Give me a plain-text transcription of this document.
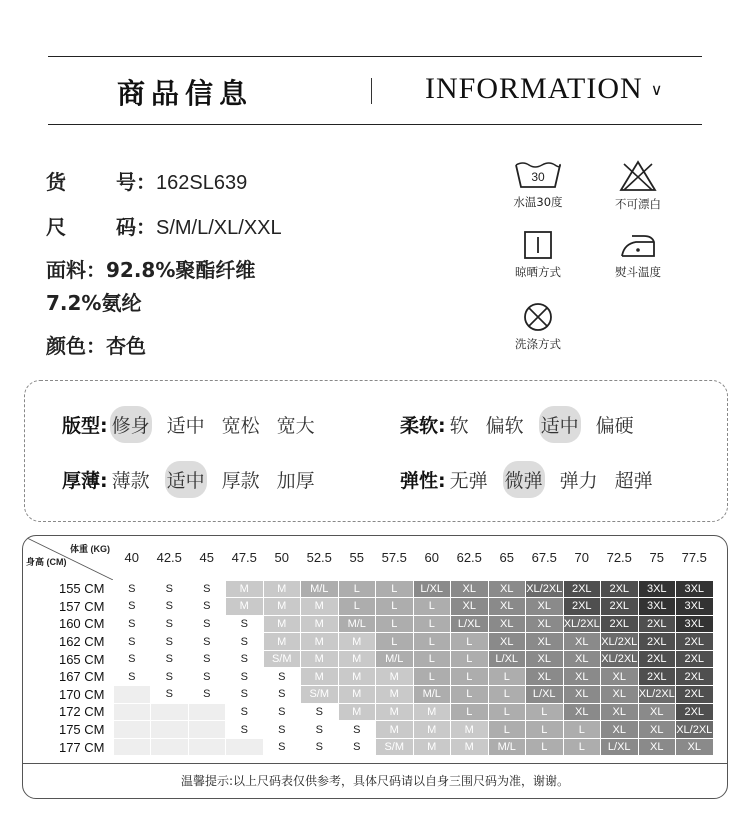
商品信息	INFORMATION ∨
货	号：162SL639
尺	码：S/M/L/XL/XXL
面料：92.8%聚酯纤维
7.2%氨纶
颜色：杏色
30
水温30度	不可漂白
晾晒方式	熨斗温度
洗涤方式
版型: 修身 适中 宽松 宽大	柔软: 软 偏软 适中 偏硬
厚薄: 薄款 适中 厚款 加厚	弹性: 无弹 微弹 弹力 超弹
体重 (KG)
身高 (CM)	40	42.5	45	47.5	50	52.5	55	57.5	60	62.5	65	67.5	70	72.5	75	77.5
155 CM	S	S	S	M	M	M/L	L	L	L/XL	XL	XL	XL/2XL	2XL	2XL	3XL	3XL
157 CM	S	S	S	M	M	M	L	L	L	XL	XL	XL	2XL	2XL	3XL	3XL
160 CM	S	S	S	S	M	M	M/L	L	L	L/XL	XL	XL	XL/2XL	2XL	2XL	3XL
162 CM	S	S	S	S	M	M	M	L	L	L	XL	XL	XL	XL/2XL	2XL	2XL
165 CM	S	S	S	S	S/M	M	M	M/L	L	L	L/XL	XL	XL	XL/2XL	2XL	2XL
167 CM	S	S	S	S	S	M	M	M	L	L	L	XL	XL	XL	2XL	2XL
170 CM		S	S	S	S	S/M	M	M	M/L	L	L	L/XL	XL	XL	XL/2XL	2XL
172 CM				S	S	S	M	M	M	L	L	L	XL	XL	XL	2XL
175 CM				S	S	S	S	M	M	M	L	L	L	XL	XL	XL/2XL
177 CM					S	S	S	S/M	M	M	M/L	L	L	L/XL	XL	XL
温馨提示:以上尺码表仅供参考，具体尺码请以自身三围尺码为准，谢谢。
